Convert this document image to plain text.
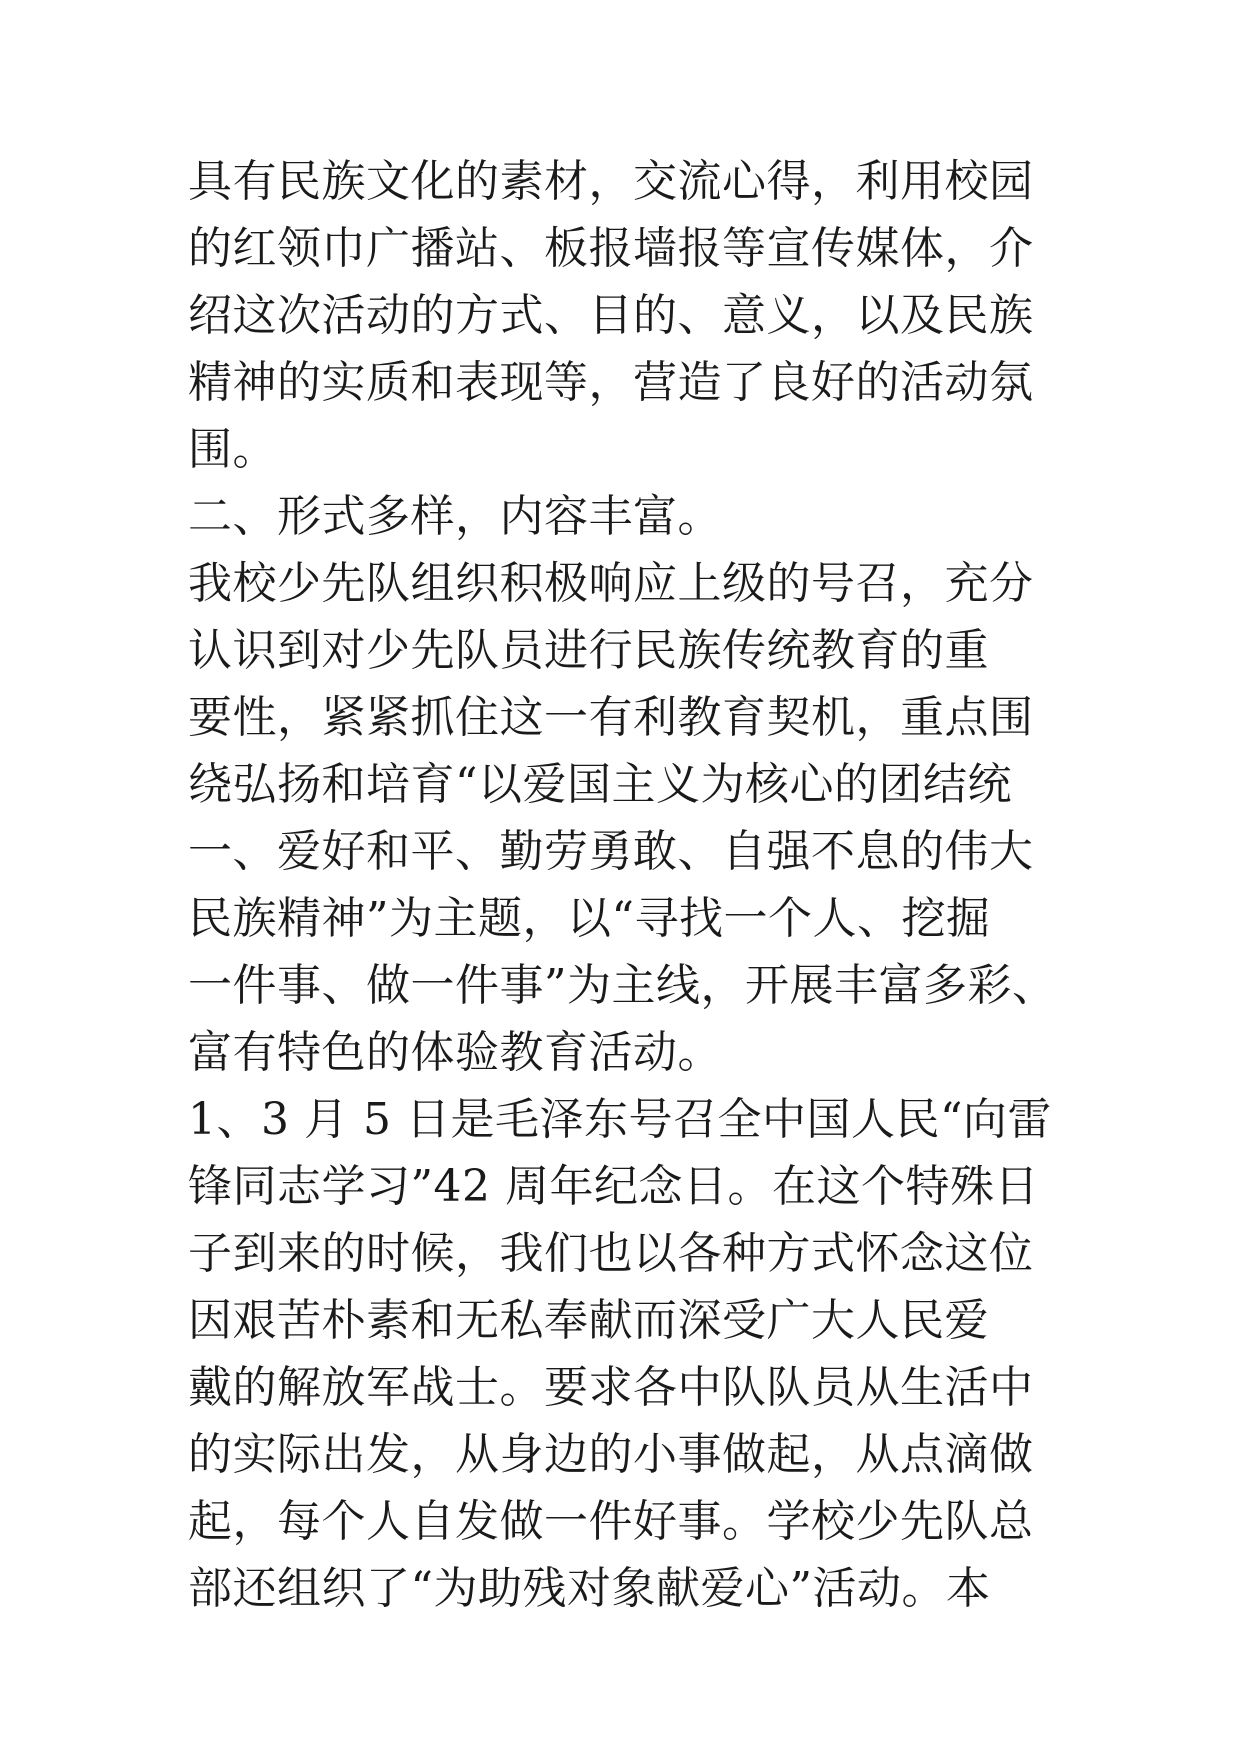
具有民族文化的素材，交流心得，利用校园
的红领巾广播站、板报墙报等宣传媒体，介
绍这次活动的方式、目的、意义，以及民族
精神的实质和表现等，营造了良好的活动氛
围。
二、形式多样，内容丰富。
我校少先队组织积极响应上级的号召，充分
认识到对少先队员进行民族传统教育的重
要性，紧紧抓住这一有利教育契机，重点围
绕弘扬和培育“以爱国主义为核心的团结统
一、爱好和平、勤劳勇敢、自强不息的伟大
民族精神”为主题，以“寻找一个人、挖掘
一件事、做一件事”为主线，开展丰富多彩、
富有特色的体验教育活动。
1、3 月 5 日是毛泽东号召全中国人民“向雷
锋同志学习”42 周年纪念日。在这个特殊日
子到来的时候，我们也以各种方式怀念这位
因艰苦朴素和无私奉献而深受广大人民爱
戴的解放军战士。要求各中队队员从生活中
的实际出发，从身边的小事做起，从点滴做
起，每个人自发做一件好事。学校少先队总
部还组织了“为助残对象献爱心”活动。本
